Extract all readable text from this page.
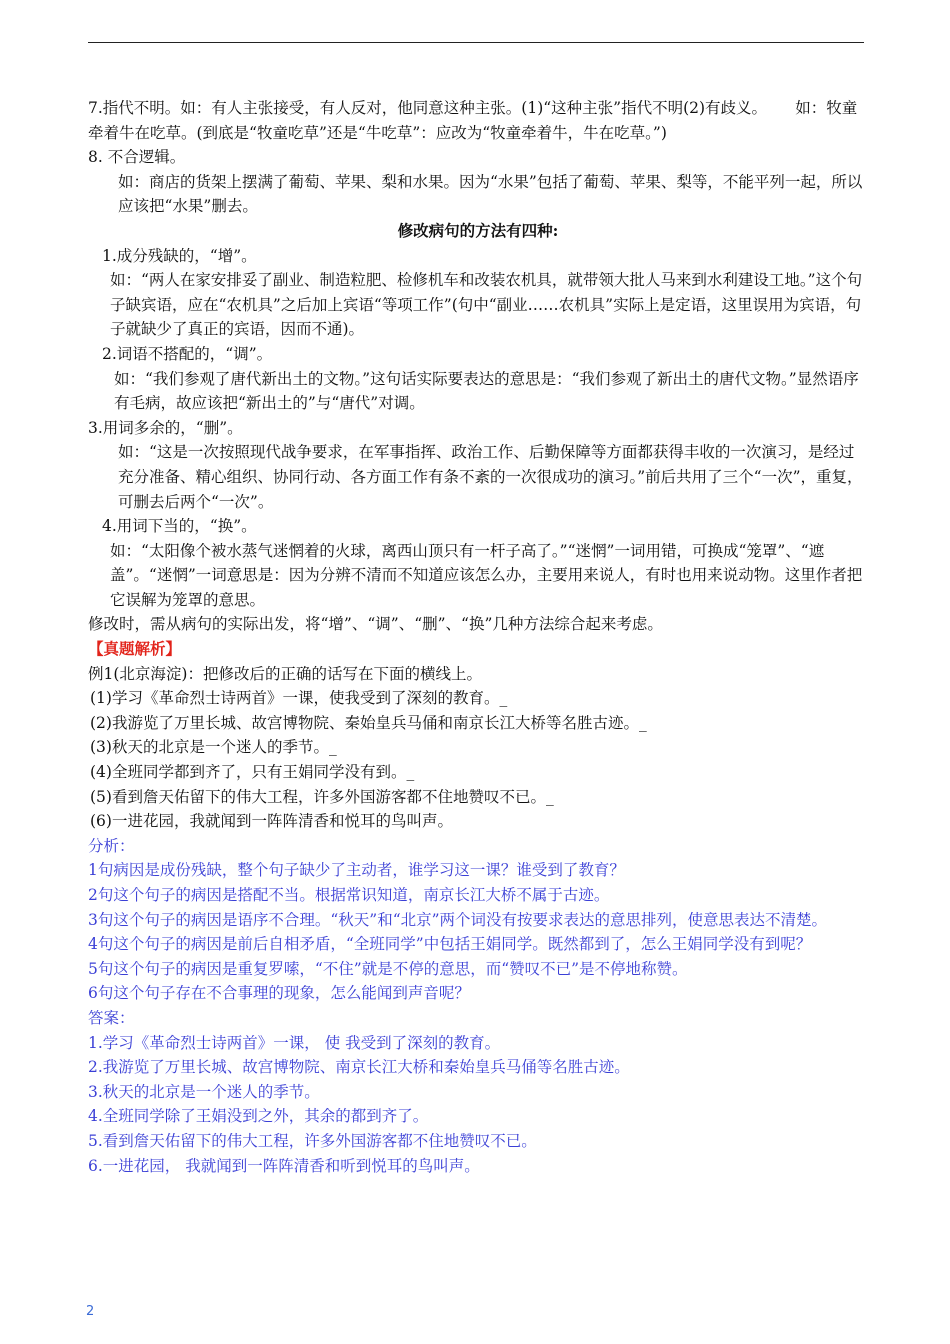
7.指代不明。如：有人主张接受，有人反对，他同意这种主张。(1)“这种主张”指代不明(2)有歧义。　　 如：牧童牵着牛在吃草。(到底是“牧童吃草”还是“牛吃草”：应改为“牧童牵着牛，牛在吃草。”)

8. 不合逻辑。

如：商店的货架上摆满了葡萄、苹果、梨和水果。因为“水果”包括了葡萄、苹果、梨等，不能平列一起，所以应该把“水果”删去。

修改病句的方法有四种:

1.成分残缺的，“增”。

如：“两人在家安排妥了副业、制造粒肥、检修机车和改装农机具，就带领大批人马来到水利建设工地。”这个句子缺宾语，应在“农机具”之后加上宾语“等项工作”(句中“副业……农机具”实际上是定语，这里误用为宾语，句子就缺少了真正的宾语，因而不通)。

2.词语不搭配的，“调”。

如：“我们参观了唐代新出土的文物。”这句话实际要表达的意思是：“我们参观了新出土的唐代文物。”显然语序有毛病，故应该把“新出土的”与“唐代”对调。

3.用词多余的，“删”。

如：“这是一次按照现代战争要求，在军事指挥、政治工作、后勤保障等方面都获得丰收的一次演习，是经过充分准备、精心组织、协同行动、各方面工作有条不紊的一次很成功的演习。”前后共用了三个“一次”，重复，可删去后两个“一次”。

4.用词下当的，“换”。

如：“太阳像个被水蒸气迷惘着的火球，离西山顶只有一杆子高了。”“迷惘”一词用错，可换成“笼罩”、“遮盖”。“迷惘”一词意思是：因为分辨不清而不知道应该怎么办，主要用来说人，有时也用来说动物。这里作者把它误解为笼罩的意思。

修改时，需从病句的实际出发，将“增”、“调”、“删”、“换”几种方法综合起来考虑。

【真题解析】

例1(北京海淀)：把修改后的正确的话写在下面的横线上。

(1)学习《革命烈士诗两首》一课，使我受到了深刻的教育。_

(2)我游览了万里长城、故宫博物院、秦始皇兵马俑和南京长江大桥等名胜古迹。_

(3)秋天的北京是一个迷人的季节。_

(4)全班同学都到齐了，只有王娟同学没有到。_

(5)看到詹天佑留下的伟大工程，许多外国游客都不住地赞叹不已。_

(6)一进花园，我就闻到一阵阵清香和悦耳的鸟叫声。

分析：

1句病因是成份残缺，整个句子缺少了主动者，谁学习这一课？谁受到了教育？

2句这个句子的病因是搭配不当。根据常识知道，南京长江大桥不属于古迹。

3句这个句子的病因是语序不合理。“秋天”和“北京”两个词没有按要求表达的意思排列，使意思表达不清楚。

4句这个句子的病因是前后自相矛盾，“全班同学”中包括王娟同学。既然都到了，怎么王娟同学没有到呢？

5句这个句子的病因是重复罗嗦，“不住”就是不停的意思，而“赞叹不已”是不停地称赞。

6句这个句子存在不合事理的现象，怎么能闻到声音呢？

答案：

1.学习《革命烈士诗两首》一课， 使 我受到了深刻的教育。

2.我游览了万里长城、故宫博物院、南京长江大桥和秦始皇兵马俑等名胜古迹。

3.秋天的北京是一个迷人的季节。

4.全班同学除了王娟没到之外，其余的都到齐了。

5.看到詹天佑留下的伟大工程，许多外国游客都不住地赞叹不已。

6.一进花园， 我就闻到一阵阵清香和听到悦耳的鸟叫声。

2
